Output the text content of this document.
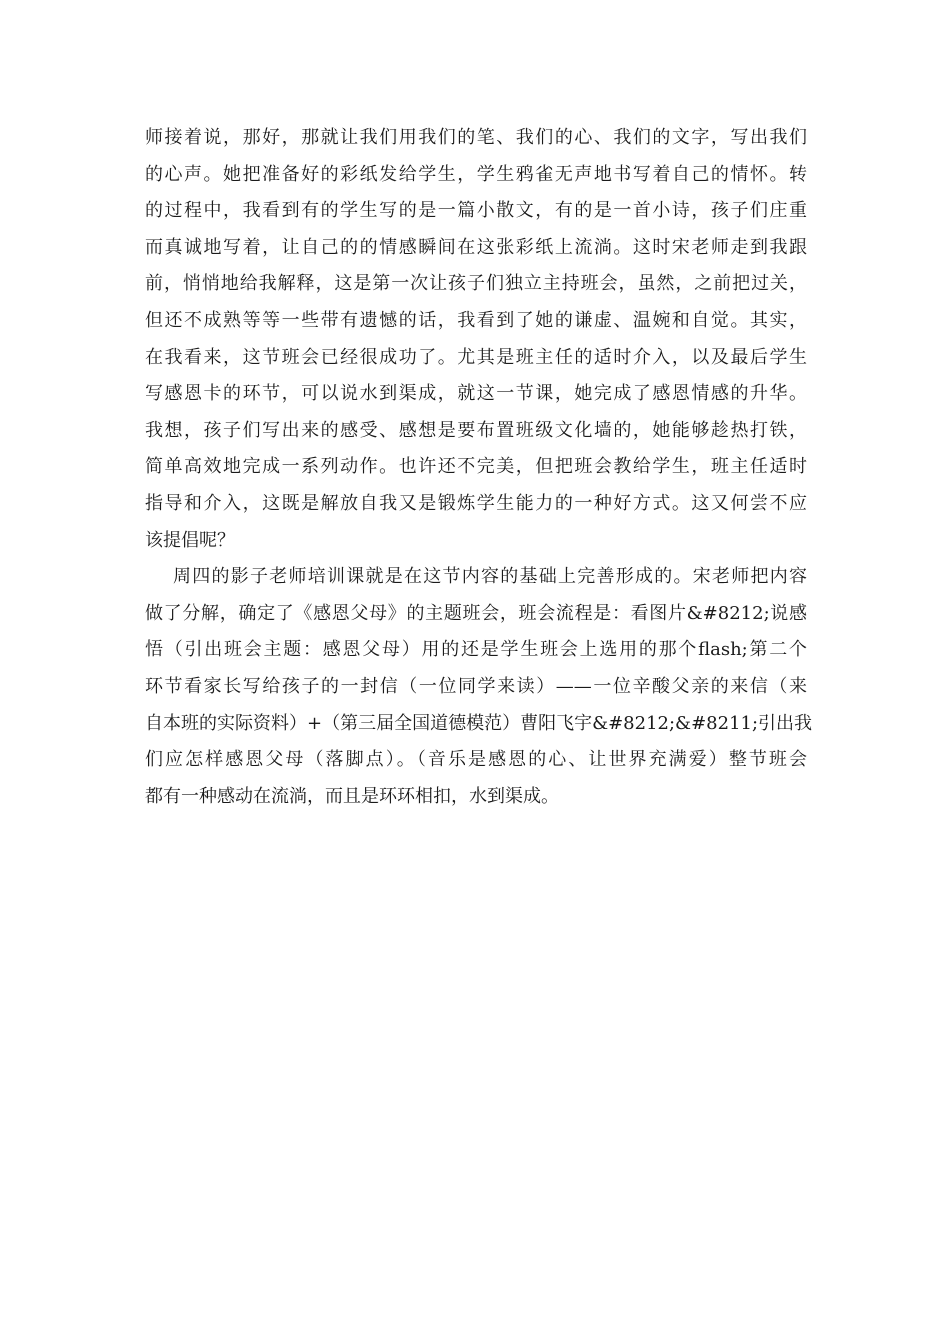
师接着说，那好，那就让我们用我们的笔、我们的心、我们的文字，写出我们
的心声。她把准备好的彩纸发给学生，学生鸦雀无声地书写着自己的情怀。转
的过程中，我看到有的学生写的是一篇小散文，有的是一首小诗，孩子们庄重
而真诚地写着，让自己的的情感瞬间在这张彩纸上流淌。这时宋老师走到我跟
前，悄悄地给我解释，这是第一次让孩子们独立主持班会，虽然，之前把过关，
但还不成熟等等一些带有遗憾的话，我看到了她的谦虚、温婉和自觉。其实，
在我看来，这节班会已经很成功了。尤其是班主任的适时介入，以及最后学生
写感恩卡的环节，可以说水到渠成，就这一节课，她完成了感恩情感的升华。
我想，孩子们写出来的感受、感想是要布置班级文化墙的，她能够趁热打铁，
简单高效地完成一系列动作。也许还不完美，但把班会教给学生，班主任适时
指导和介入，这既是解放自我又是锻炼学生能力的一种好方式。这又何尝不应
该提倡呢？
周四的影子老师培训课就是在这节内容的基础上完善形成的。宋老师把内容
做了分解，确定了《感恩父母》的主题班会，班会流程是：看图片&#8212;说感
悟（引出班会主题：感恩父母）用的还是学生班会上选用的那个flash;第二个
环节看家长写给孩子的一封信（一位同学来读）——一位辛酸父亲的来信（来
自本班的实际资料）+（第三届全国道德模范）曹阳飞宇&#8212;&#8211;引出我
们应怎样感恩父母（落脚点）。（音乐是感恩的心、让世界充满爱）整节班会
都有一种感动在流淌，而且是环环相扣，水到渠成。
